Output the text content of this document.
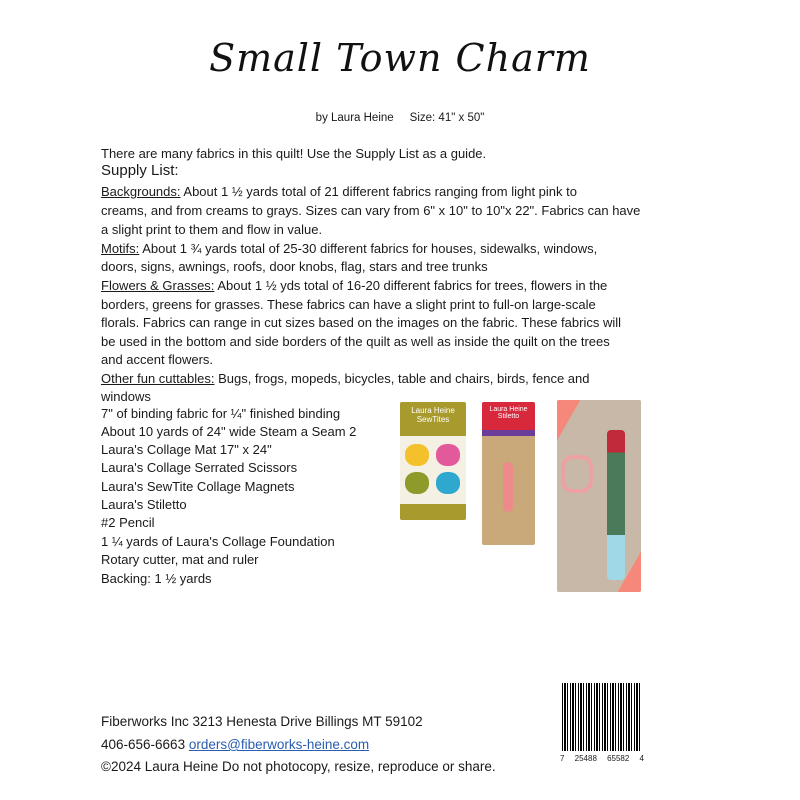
Small Town Charm
by Laura Heine Size: 41" x 50"
There are many fabrics in this quilt! Use the Supply List as a guide.
Supply List:
Backgrounds: About 1 ½ yards total of 21 different fabrics ranging from light pink to
creams, and from creams to grays. Sizes can vary from 6" x 10" to 10"x 22". Fabrics can have
a slight print to them and flow in value.
Motifs: About 1 ¾ yards total of 25-30 different fabrics for houses, sidewalks, windows,
doors, signs, awnings, roofs, door knobs, flag, stars and tree trunks
Flowers & Grasses: About 1 ½ yds total of 16-20 different fabrics for trees, flowers in the
borders, greens for grasses. These fabrics can have a slight print to full-on large-scale
florals. Fabrics can range in cut sizes based on the images on the fabric. These fabrics will
be used in the bottom and side borders of the quilt as well as inside the quilt on the trees
and accent flowers.
Other fun cuttables: Bugs, frogs, mopeds, bicycles, table and chairs, birds, fence and
windows
7" of binding fabric for ¼" finished binding
About 10 yards of 24" wide Steam a Seam 2
Laura's Collage Mat 17" x 24"
Laura's Collage Serrated Scissors
Laura's SewTite Collage Magnets
Laura's Stiletto
#2 Pencil
1 ¼ yards of Laura's Collage Foundation
Rotary cutter, mat and ruler
Backing: 1 ½ yards
Laura Heine SewTites
Laura Heine Stiletto
Fiberworks Inc 3213 Henesta Drive Billings MT 59102
406-656-6663 orders@fiberworks-heine.com
©2024 Laura Heine Do not photocopy, resize, reproduce or share.
7 25488 65582 4
